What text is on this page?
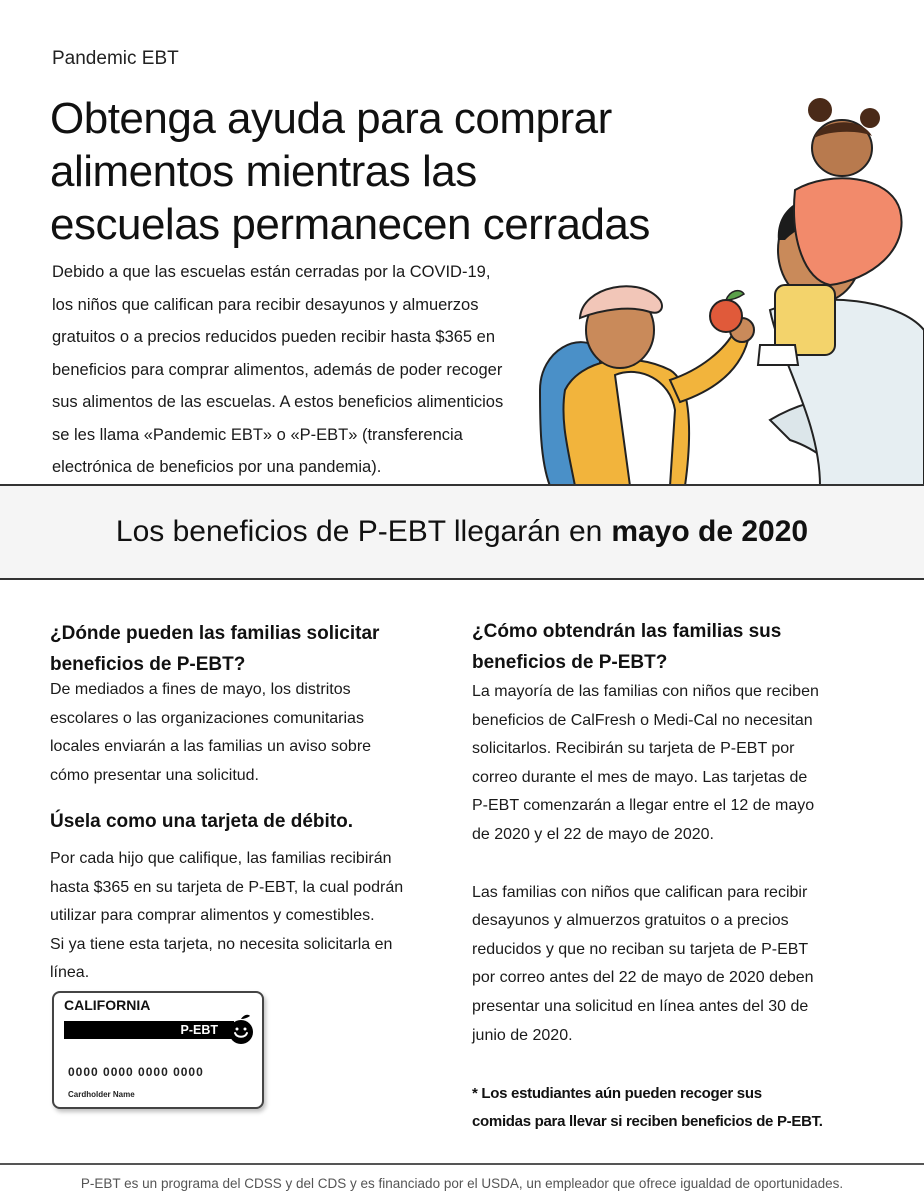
Pandemic EBT
Obtenga ayuda para comprar
alimentos mientras las
escuelas permanecen cerradas
Debido a que las escuelas están cerradas por la COVID-19,
los niños que califican para recibir desayunos y almuerzos
gratuitos o a precios reducidos pueden recibir hasta $365 en
beneficios para comprar alimentos, además de poder recoger
sus alimentos de las escuelas. A estos beneficios alimenticios
se les llama «Pandemic EBT» o «P-EBT» (transferencia
electrónica de beneficios por una pandemia).
Los beneficios de P-EBT llegarán en mayo de 2020
¿Dónde pueden las familias solicitar
beneficios de P-EBT?

De mediados a fines de mayo, los distritos
escolares o las organizaciones comunitarias
locales enviarán a las familias un aviso sobre
cómo presentar una solicitud.

Úsela como una tarjeta de débito.

Por cada hijo que califique, las familias recibirán
hasta $365 en su tarjeta de P-EBT, la cual podrán
utilizar para comprar alimentos y comestibles.
Si ya tiene esta tarjeta, no necesita solicitarla en
línea.

CALIFORNIA
P-EBT
0000 0000 0000 0000
Cardholder Name
¿Cómo obtendrán las familias sus
beneficios de P-EBT?

La mayoría de las familias con niños que reciben
beneficios de CalFresh o Medi-Cal no necesitan
solicitarlos. Recibirán su tarjeta de P-EBT por
correo durante el mes de mayo. Las tarjetas de
P-EBT comenzarán a llegar entre el 12 de mayo
de 2020 y el 22 de mayo de 2020.

Las familias con niños que califican para recibir
desayunos y almuerzos gratuitos o a precios
reducidos y que no reciban su tarjeta de P-EBT
por correo antes del 22 de mayo de 2020 deben
presentar una solicitud en línea antes del 30 de
junio de 2020.

* Los estudiantes aún pueden recoger sus
comidas para llevar si reciben beneficios de P-EBT.
P-EBT es un programa del CDSS y del CDS y es financiado por el USDA, un empleador que ofrece igualdad de oportunidades.
